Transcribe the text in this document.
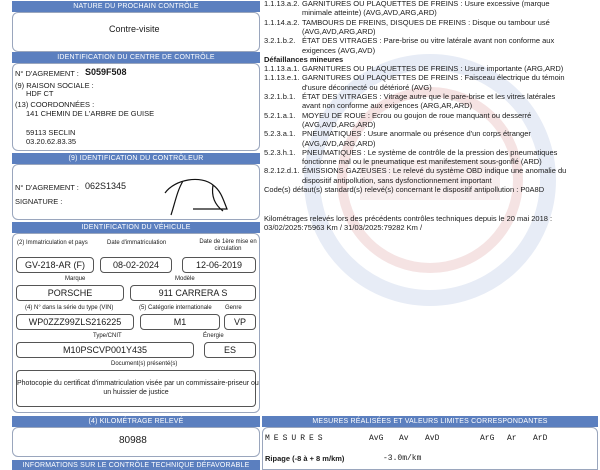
NATURE DU PROCHAIN CONTRÔLE
Contre-visite
IDENTIFICATION DU CENTRE DE CONTRÔLE
N° D'AGREMENT : S059F508
(9) RAISON SOCIALE :
HDF CT
(13) COORDONNÉES :
141 CHEMIN DE L'ARBRE DE GUISE
59113 SECLIN
03.20.62.83.35
(9) IDENTIFICATION DU CONTRÔLEUR
N° D'AGREMENT : 062S1345
SIGNATURE :
IDENTIFICATION DU VÉHICULE
(2) Immatriculation et pays	Date d'immatriculation	Date de 1ère mise en circulation
GV-218-AR (F)	08-02-2024	12-06-2019
Marque	Modèle
PORSCHE	911 CARRERA S
(4) N° dans la série du type (VIN)	(5) Catégorie internationale Genre
WP0ZZZ99ZLS216225	M1	VP
Type/CNIT	Énergie
M10PSCVP001Y435	ES
Document(s) présenté(s)
Photocopie du certificat d'immatriculation visée par un commissaire-priseur ou
un huissier de justice
(4) KILOMÉTRAGE RELEVÉ
80988
INFORMATIONS SUR LE CONTRÔLE TECHNIQUE DÉFAVORABLE
1.1.13.a.2. GARNITURES OU PLAQUETTES DE FREINS : Usure excessive (marque
minimale atteinte) (AVG,AVD,ARG,ARD)
1.1.14.a.2. TAMBOURS DE FREINS, DISQUES DE FREINS : Disque ou tambour usé
(AVG,AVD,ARG,ARD)
3.2.1.b.2. ÉTAT DES VITRAGES : Pare-brise ou vitre latérale avant non conforme aux
exigences (AVG,AVD)
Défaillances mineures
1.1.13.a.1. GARNITURES OU PLAQUETTES DE FREINS : Usure importante (ARG,ARD)
1.1.13.e.1. GARNITURES OU PLAQUETTES DE FREINS : Faisceau électrique du témoin
d'usure déconnecté ou détérioré (AVG)
3.2.1.b.1. ÉTAT DES VITRAGES : Vitrage autre que le pare-brise et les vitres latérales
avant non conforme aux exigences (ARG,AR,ARD)
5.2.1.a.1. MOYEU DE ROUE : Ecrou ou goujon de roue manquant ou desserré
(AVG,AVD,ARG,ARD)
5.2.3.a.1. PNEUMATIQUES : Usure anormale ou présence d'un corps étranger
(AVG,AVD,ARG,ARD)
5.2.3.h.1. PNEUMATIQUES : Le système de contrôle de la pression des pneumatiques
fonctionne mal ou le pneumatique est manifestement sous-gonflé (ARD)
8.2.12.d.1. ÉMISSIONS GAZEUSES : Le relevé du système OBD indique une anomalie du
dispositif antipollution, sans dysfonctionnement important
Code(s) défaut(s) standard(s) relevé(s) concernant le dispositif antipollution : P0A8D
Kilométrages relevés lors des précédents contrôles techniques depuis le 20 mai 2018 :
03/02/2025:75963 Km / 31/03/2025:79282 Km /
MESURES RÉALISÉES ET VALEURS LIMITES CORRESPONDANTES
MESURES	AvG Av AvD	ArG Ar ArD
Ripage (-8 à + 8 m/km)	-3.0m/km
